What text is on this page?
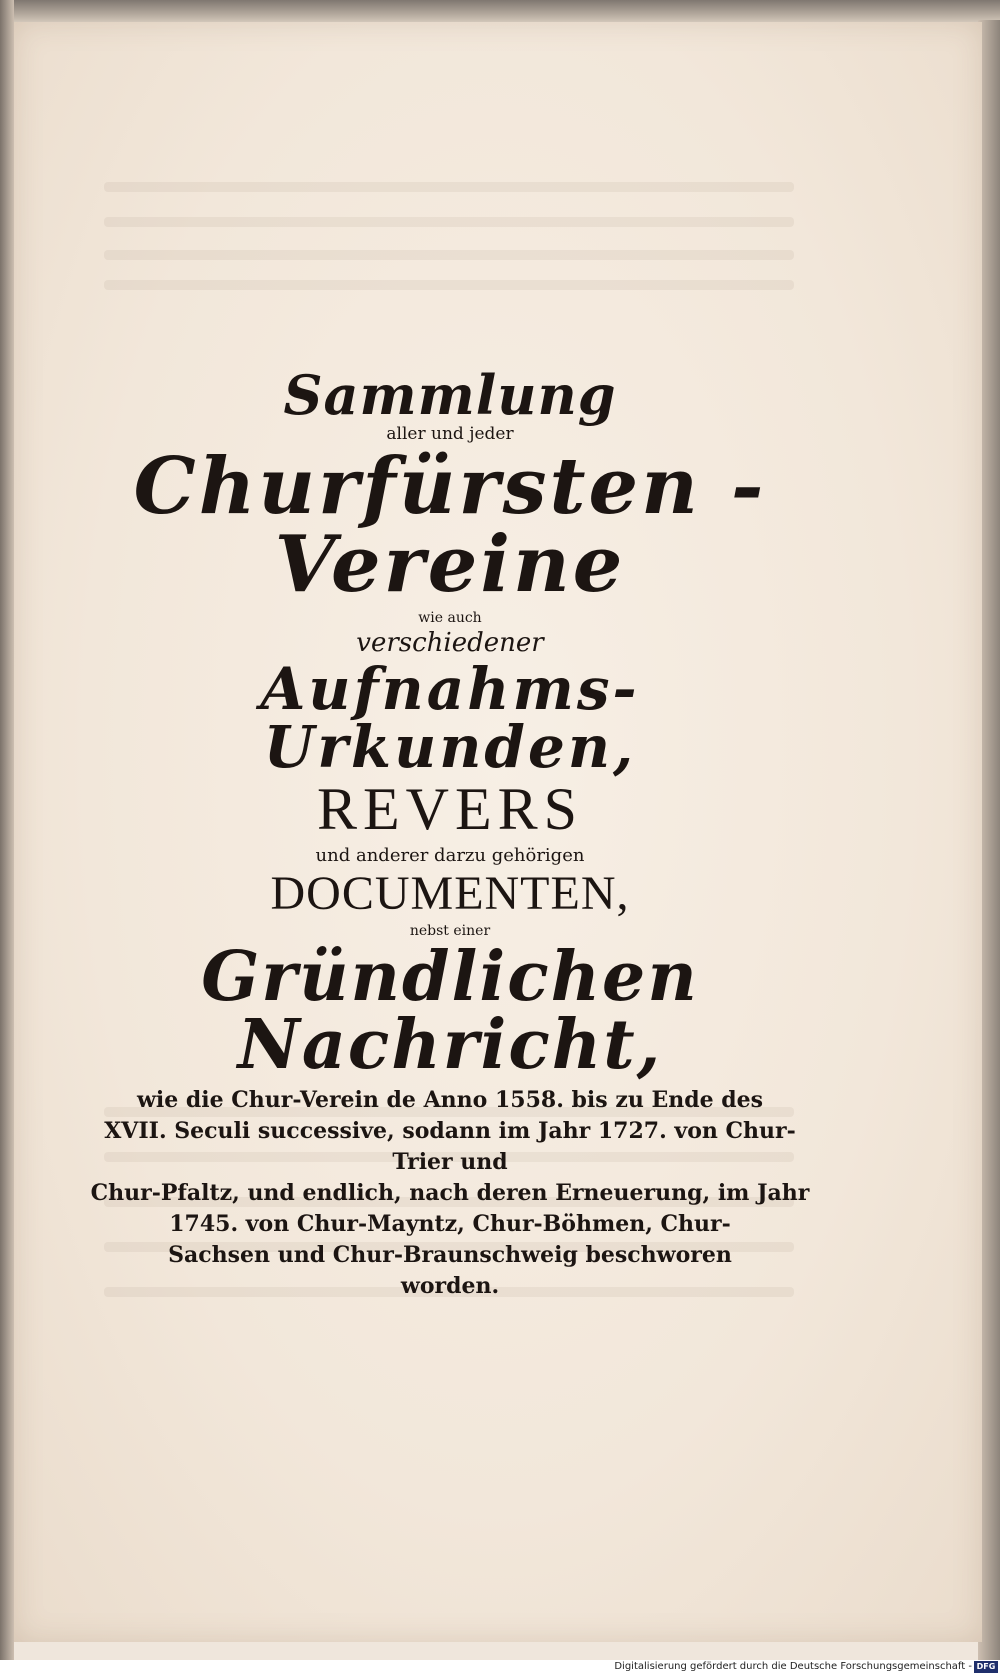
Sammlung
aller und jeder
Churfürsten - Vereine
wie auch
verschiedener
Aufnahms-Urkunden,
REVERS
und anderer darzu gehörigen
DOCUMENTEN,
nebst einer
Gründlichen Nachricht,
wie die Chur-Verein de Anno 1558. bis zu Ende des
XVII. Seculi successive, sodann im Jahr 1727. von Chur-Trier und
Chur-Pfaltz, und endlich, nach deren Erneuerung, im Jahr
1745. von Chur-Mayntz, Chur-Böhmen, Chur-
Sachsen und Chur-Braunschweig beschworen
worden.
Digitalisierung gefördert durch die Deutsche Forschungsgemeinschaft - DFG
